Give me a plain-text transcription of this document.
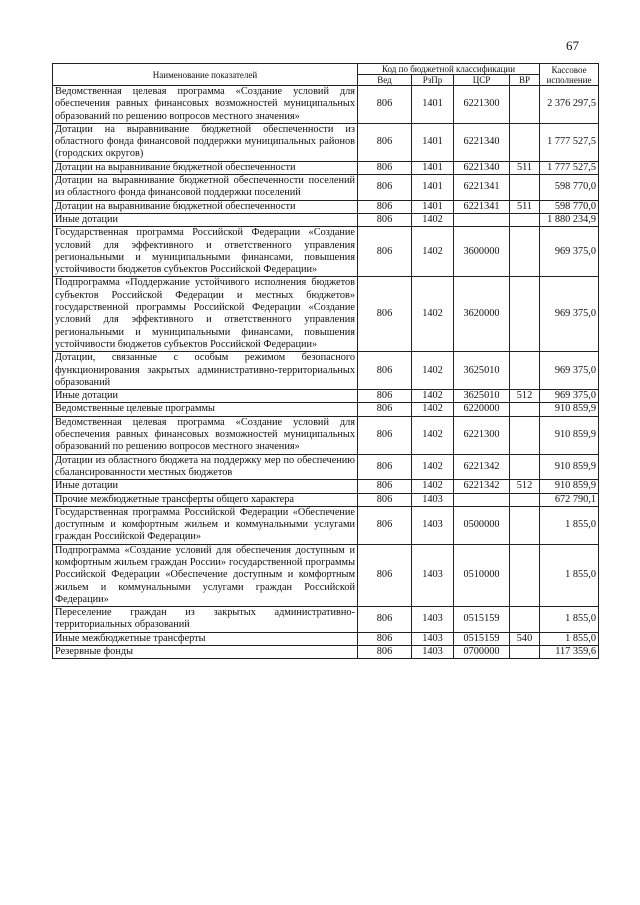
67
Наименование показателей	Код по бюджетной классификации				Кассовое исполнение
	Вед	РзПр	ЦСР	ВР	
Ведомственная целевая программа «Создание условий для обеспечения равных финансовых возможностей муниципальных образований по решению вопросов местного значения»	806	1401	6221300		2 376 297,5
Дотации на выравнивание бюджетной обеспеченности из областного фонда финансовой поддержки муниципальных районов (городских округов)	806	1401	6221340		1 777 527,5
Дотации на выравнивание бюджетной обеспеченности	806	1401	6221340	511	1 777 527,5
Дотации на выравнивание бюджетной обеспеченности поселений из областного фонда финансовой поддержки поселений	806	1401	6221341		598 770,0
Дотации на выравнивание бюджетной обеспеченности	806	1401	6221341	511	598 770,0
Иные дотации	806	1402			1 880 234,9
Государственная программа Российской Федерации «Создание условий для эффективного и ответственного управления региональными и муниципальными финансами, повышения устойчивости бюджетов субъектов Российской Федерации»	806	1402	3600000		969 375,0
Подпрограмма «Поддержание устойчивого исполнения бюджетов субъектов Российской Федерации и местных бюджетов» государственной программы Российской Федерации «Создание условий для эффективного и ответственного управления региональными и муниципальными финансами, повышения устойчивости бюджетов субъектов Российской Федерации»	806	1402	3620000		969 375,0
Дотации, связанные с особым режимом безопасного функционирования закрытых административно-территориальных образований	806	1402	3625010		969 375,0
Иные дотации	806	1402	3625010	512	969 375,0
Ведомственные целевые программы	806	1402	6220000		910 859,9
Ведомственная целевая программа «Создание условий для обеспечения равных финансовых возможностей муниципальных образований по решению вопросов местного значения»	806	1402	6221300		910 859,9
Дотации из областного бюджета на поддержку мер по обеспечению сбалансированности местных бюджетов	806	1402	6221342		910 859,9
Иные дотации	806	1402	6221342	512	910 859,9
Прочие межбюджетные трансферты общего характера	806	1403			672 790,1
Государственная программа Российской Федерации «Обеспечение доступным и комфортным жильем и коммунальными услугами граждан Российской Федерации»	806	1403	0500000		1 855,0
Подпрограмма «Создание условий для обеспечения доступным и комфортным жильем граждан России» государственной программы Российской Федерации «Обеспечение доступным и комфортным жильем и коммунальными услугами граждан Российской Федерации»	806	1403	0510000		1 855,0
Переселение граждан из закрытых административно-территориальных образований	806	1403	0515159		1 855,0
Иные межбюджетные трансферты	806	1403	0515159	540	1 855,0
Резервные фонды	806	1403	0700000		117 359,6
